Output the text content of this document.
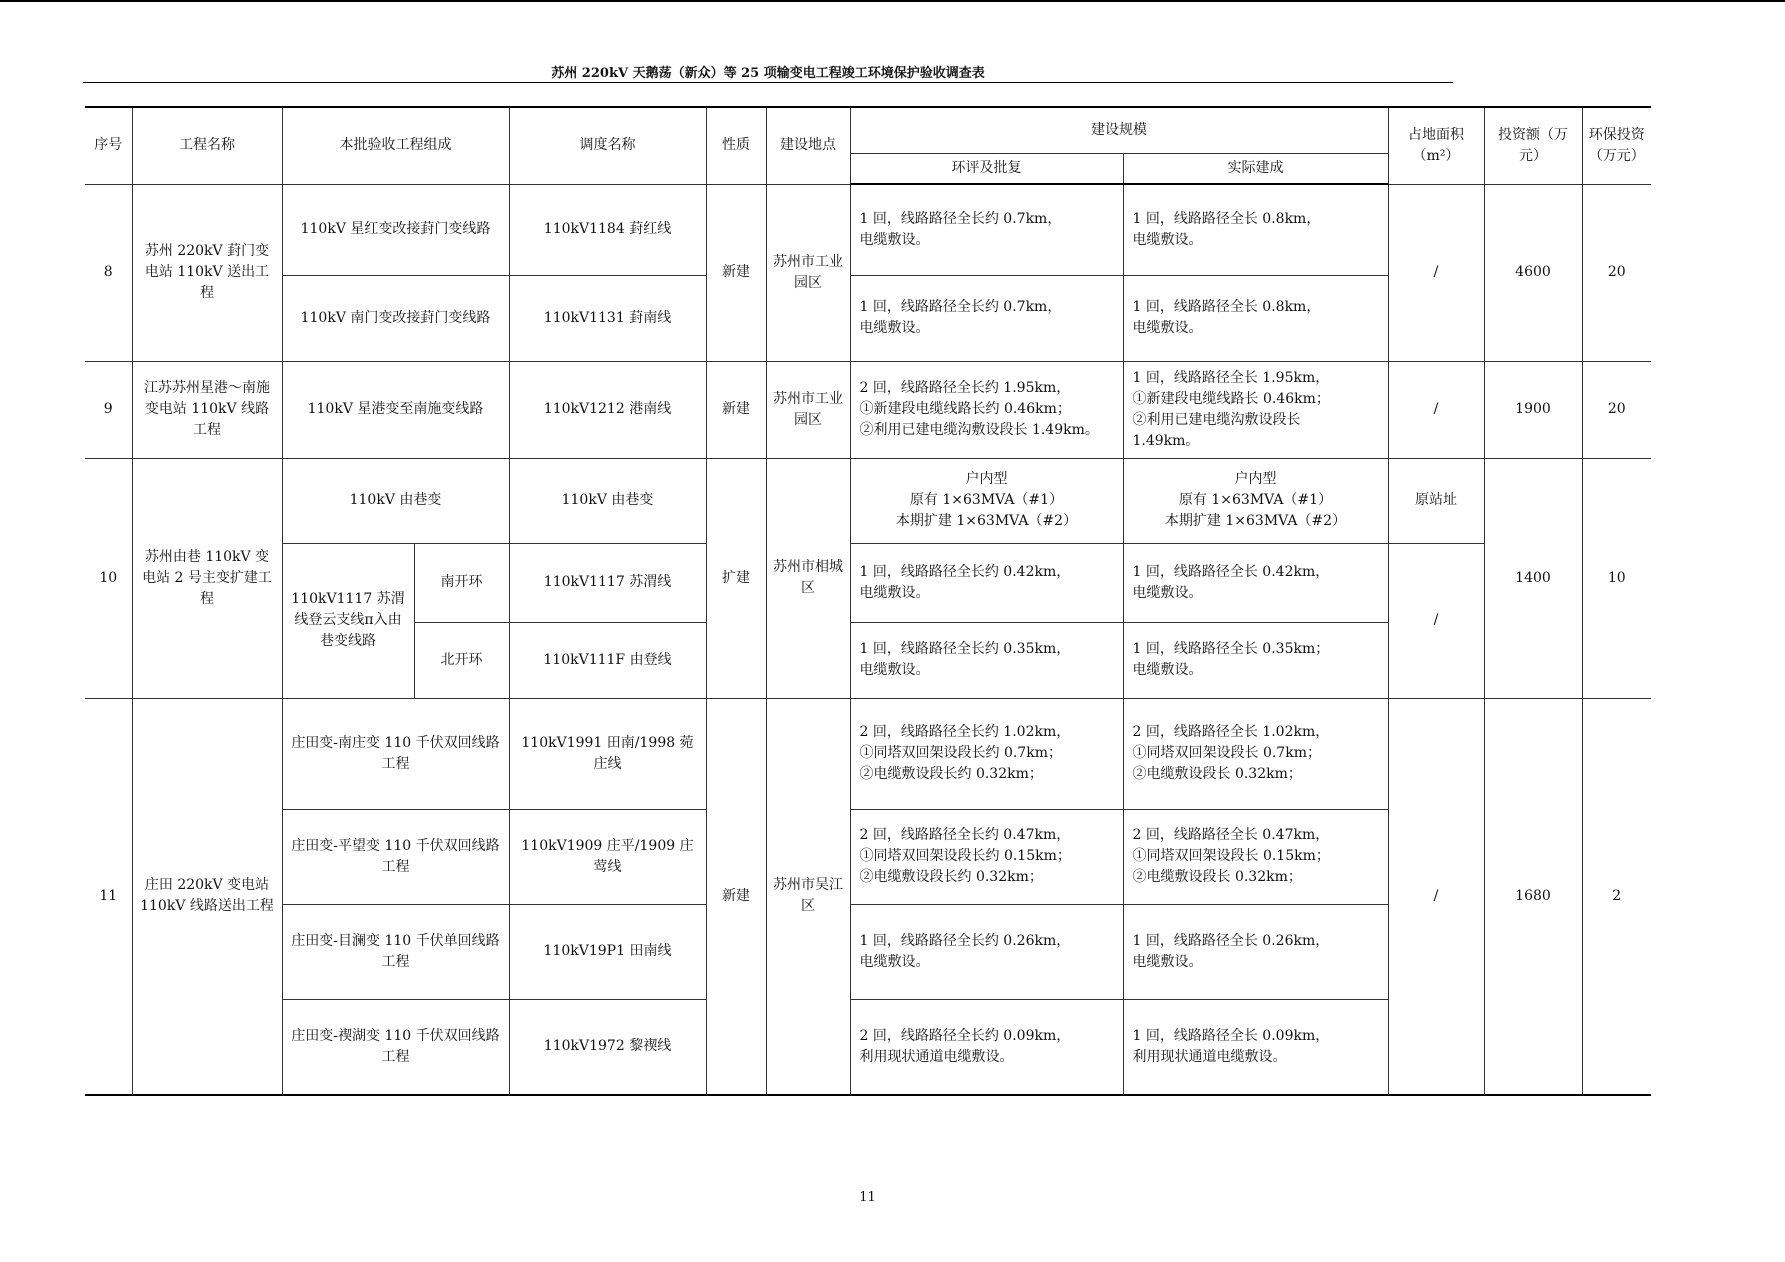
苏州 220kV 天鹅荡（新众）等 25 项输变电工程竣工环境保护验收调查表
序号	工程名称	本批验收工程组成		调度名称	性质	建设地点	建设规模		占地面积（m²）	投资额（万元）	环保投资（万元）
							环评及批复	实际建成			
8	苏州 220kV 葑门变电站 110kV 送出工程	110kV 星红变改接葑门变线路		110kV1184 葑红线	新建	苏州市工业园区	1 回，线路路径全长约 0.7km，
电缆敷设。	1 回，线路路径全长 0.8km，
电缆敷设。	/	4600	20
		110kV 南门变改接葑门变线路		110kV1131 葑南线			1 回，线路路径全长约 0.7km，
电缆敷设。	1 回，线路路径全长 0.8km，
电缆敷设。			

9	江苏苏州星港～南施变电站 110kV 线路工程	110kV 星港变至南施变线路		110kV1212 港南线	新建	苏州市工业园区	2 回，线路路径全长约 1.95km，
①新建段电缆线路长约 0.46km；
②利用已建电缆沟敷设段长 1.49km。	1 回，线路路径全长 1.95km，
①新建段电缆线路长 0.46km；
②利用已建电缆沟敷设段长
1.49km。	/	1900	20
10	苏州由巷 110kV 变电站 2 号主变扩建工程	110kV 由巷变		110kV 由巷变	扩建	苏州市相城区	户内型
原有 1×63MVA（#1）
本期扩建 1×63MVA（#2）	户内型
原有 1×63MVA（#1）
本期扩建 1×63MVA（#2）	原站址	1400	10
		110kV1117 苏渭线登云支线π入由巷变线路	南开环	110kV1117 苏渭线			1 回，线路路径全长约 0.42km，
电缆敷设。	1 回，线路路径全长 0.42km，
电缆敷设。	/		
			北开环	110kV111F 由登线			1 回，线路路径全长约 0.35km，
电缆敷设。	1 回，线路路径全长 0.35km；
电缆敷设。			

11	庄田 220kV 变电站 110kV 线路送出工程	庄田变-南庄变 110 千伏双回线路工程		110kV1991 田南/1998 菀庄线	新建	苏州市吴江区	2 回，线路路径全长约 1.02km，
①同塔双回架设段长约 0.7km；
②电缆敷设段长约 0.32km；	2 回，线路路径全长 1.02km，
①同塔双回架设段长 0.7km；
②电缆敷设段长 0.32km；	/	1680	2
		庄田变-平望变 110 千伏双回线路工程		110kV1909 庄平/1909 庄莺线			2 回，线路路径全长约 0.47km，
①同塔双回架设段长约 0.15km；
②电缆敷设段长约 0.32km；	2 回，线路路径全长 0.47km，
①同塔双回架设段长 0.15km；
②电缆敷设段长 0.32km；			

		庄田变-目澜变 110 千伏单回线路工程		110kV19P1 田南线			1 回，线路路径全长约 0.26km，
电缆敷设。	1 回，线路路径全长 0.26km，
电缆敷设。			

		庄田变-禊湖变 110 千伏双回线路工程		110kV1972 黎禊线			2 回，线路路径全长约 0.09km，
利用现状通道电缆敷设。	1 回，线路路径全长 0.09km，
利用现状通道电缆敷设。			
11
